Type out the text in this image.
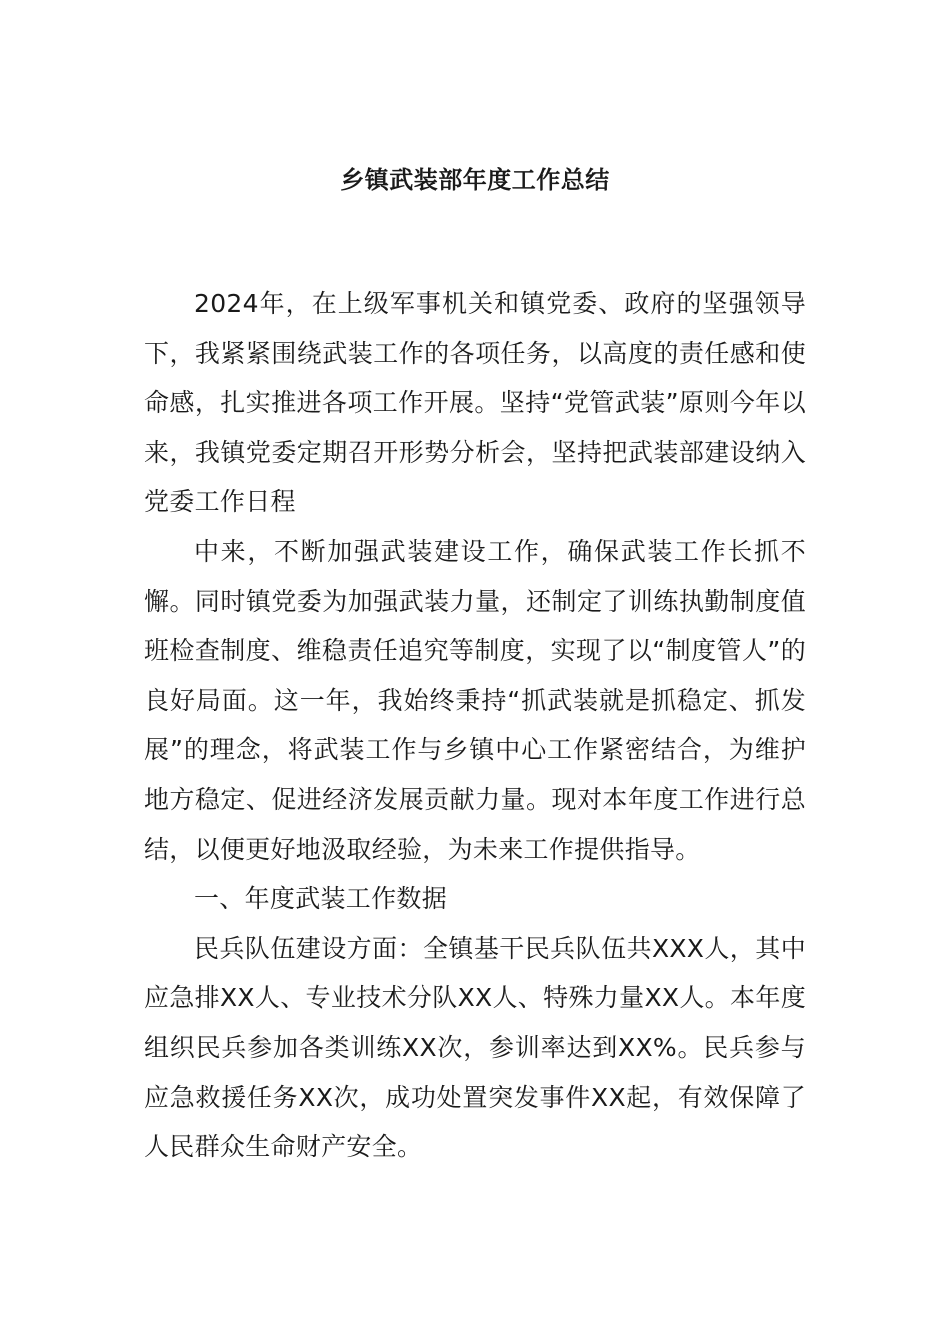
乡镇武装部年度工作总结

2024年，在上级军事机关和镇党委、政府的坚强领导下，我紧紧围绕武装工作的各项任务，以高度的责任感和使命感，扎实推进各项工作开展。坚持“党管武装”原则今年以来，我镇党委定期召开形势分析会，坚持把武装部建设纳入党委工作日程

中来，不断加强武装建设工作，确保武装工作长抓不懈。同时镇党委为加强武装力量，还制定了训练执勤制度值班检查制度、维稳责任追究等制度，实现了以“制度管人”的良好局面。这一年，我始终秉持“抓武装就是抓稳定、抓发展”的理念，将武装工作与乡镇中心工作紧密结合，为维护地方稳定、促进经济发展贡献力量。现对本年度工作进行总结，以便更好地汲取经验，为未来工作提供指导。

一、年度武装工作数据

民兵队伍建设方面：全镇基干民兵队伍共XXX人，其中应急排XX人、专业技术分队XX人、特殊力量XX人。本年度组织民兵参加各类训练XX次，参训率达到XX%。民兵参与应急救援任务XX次，成功处置突发事件XX起，有效保障了人民群众生命财产安全。
